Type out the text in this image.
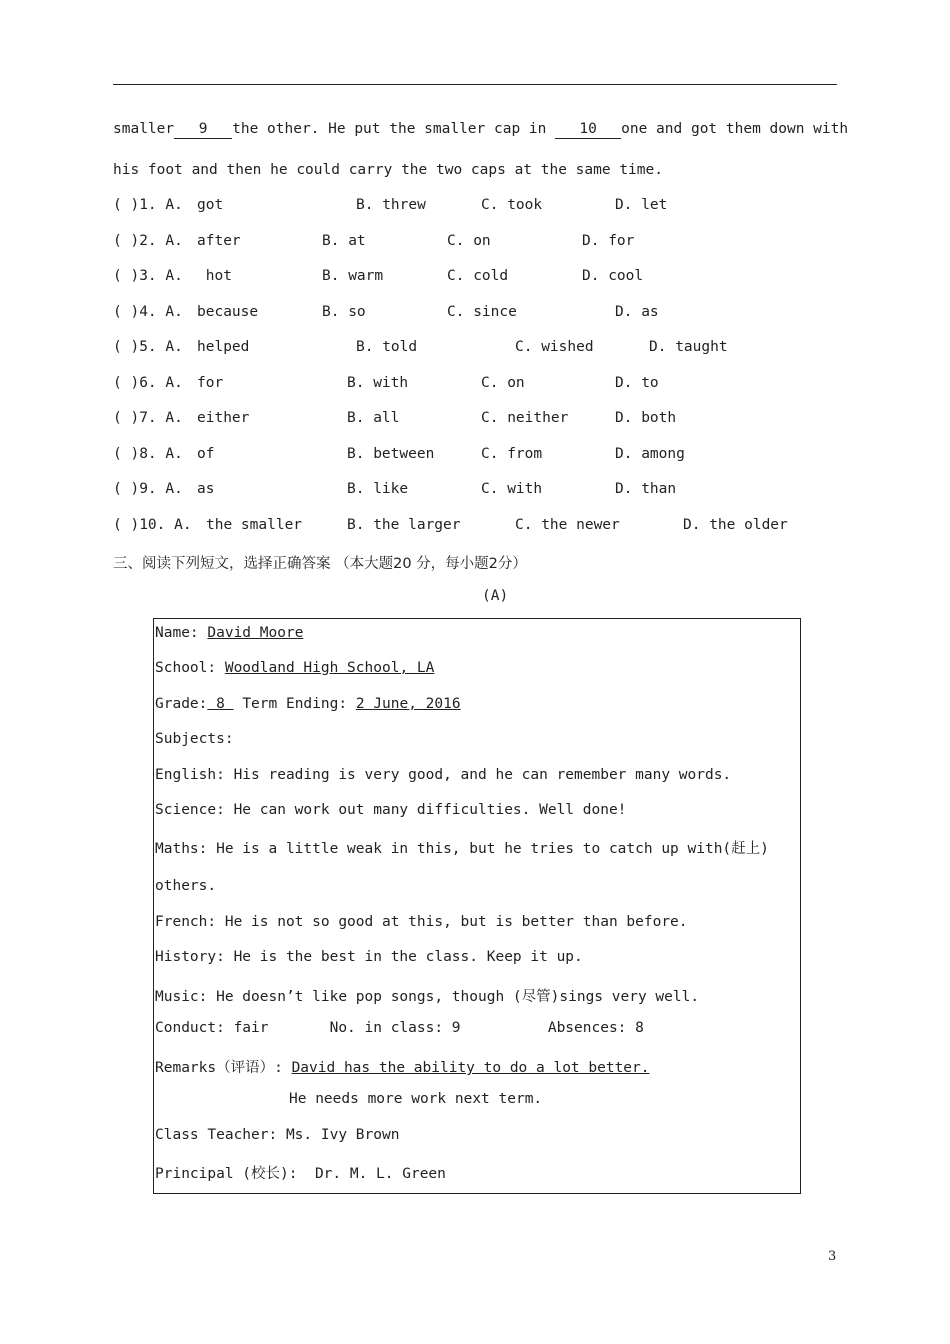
smaller 9 the other. He put the smaller cap in 10 one and got them down with
his foot and then he could carry the two caps at the same time.
( )1. A. got	B. threw	C. took	D. let
( )2. A. after	B. at	C. on	D. for
( )3. A. hot	B. warm	C. cold	D. cool
( )4. A. because	B. so	C. since	D. as
( )5. A. helped	B. told	C. wished	D. taught
( )6. A. for	B. with	C. on	D. to
( )7. A. either	B. all	C. neither	D. both
( )8. A. of	B. between	C. from	D. among
( )9. A. as	B. like	C. with	D. than
( )10. A. the smaller	B. the larger	C. the newer	D. the older
三、阅读下列短文，选择正确答案 （本大题20 分，每小题2分）
(A)
Name: David Moore
School: Woodland High School, LA
Grade: 8  Term Ending: 2 June, 2016
Subjects:
English: His reading is very good, and he can remember many words.
Science: He can work out many difficulties. Well done!
Maths: He is a little weak in this, but he tries to catch up with(赶上)
others.
French: He is not so good at this, but is better than before.
History: He is the best in the class. Keep it up.
Music: He doesn’t like pop songs, though (尽管)sings very well.
Conduct: fair       No. in class: 9          Absences: 8
Remarks（评语）: David has the ability to do a lot better.
He needs more work next term.
Class Teacher: Ms. Ivy Brown
Principal (校长):  Dr. M. L. Green
3
